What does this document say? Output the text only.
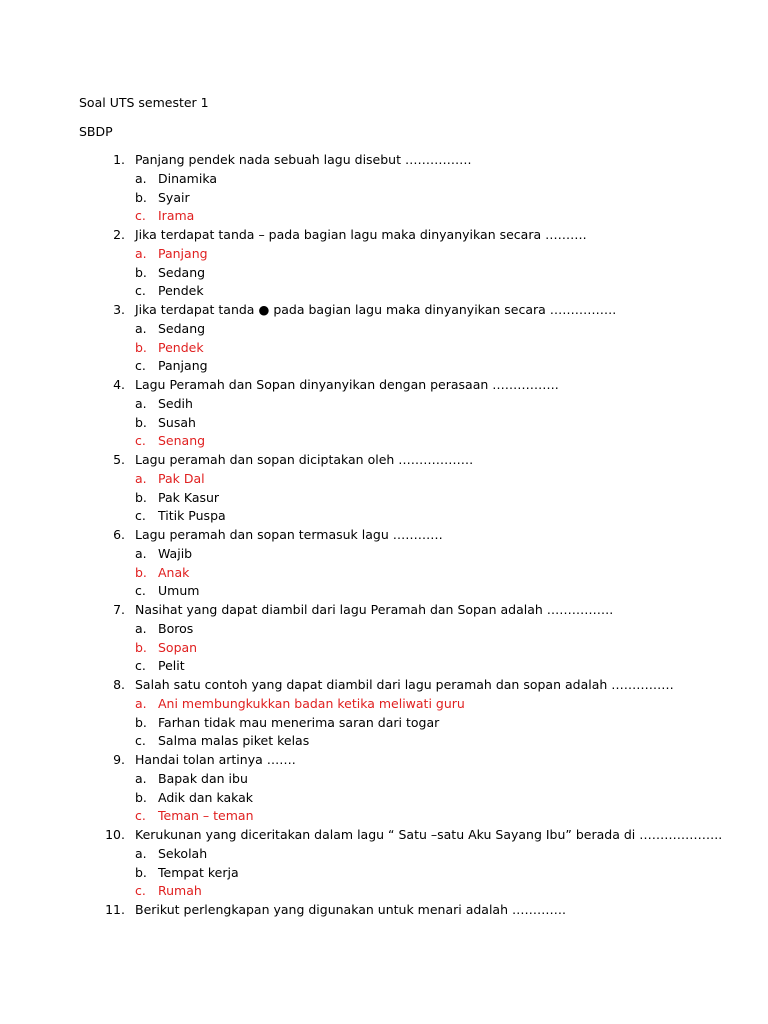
Soal UTS semester 1
SBDP
1. Panjang pendek nada sebuah lagu disebut …………….
a. Dinamika
b. Syair
c. Irama
2. Jika terdapat tanda – pada bagian lagu maka dinyanyikan secara ……….
a. Panjang
b. Sedang
c. Pendek
3. Jika terdapat tanda ● pada bagian lagu maka dinyanyikan secara …………….
a. Sedang
b. Pendek
c. Panjang
4. Lagu Peramah dan Sopan dinyanyikan dengan perasaan …………….
a. Sedih
b. Susah
c. Senang
5. Lagu peramah dan sopan diciptakan oleh ………………
a. Pak Dal
b. Pak Kasur
c. Titik Puspa
6. Lagu peramah dan sopan termasuk lagu …………
a. Wajib
b. Anak
c. Umum
7. Nasihat yang dapat diambil dari lagu Peramah dan Sopan adalah …………….
a. Boros
b. Sopan
c. Pelit
8. Salah satu contoh yang dapat diambil dari lagu peramah dan sopan adalah ……………
a. Ani membungkukkan badan ketika meliwati guru
b. Farhan tidak mau menerima saran dari togar
c. Salma malas piket kelas
9. Handai tolan artinya …….
a. Bapak dan ibu
b. Adik dan kakak
c. Teman – teman
10. Kerukunan yang diceritakan dalam lagu “ Satu –satu Aku Sayang Ibu” berada di ………………..
a. Sekolah
b. Tempat kerja
c. Rumah
11. Berikut perlengkapan yang digunakan untuk menari adalah ………….
